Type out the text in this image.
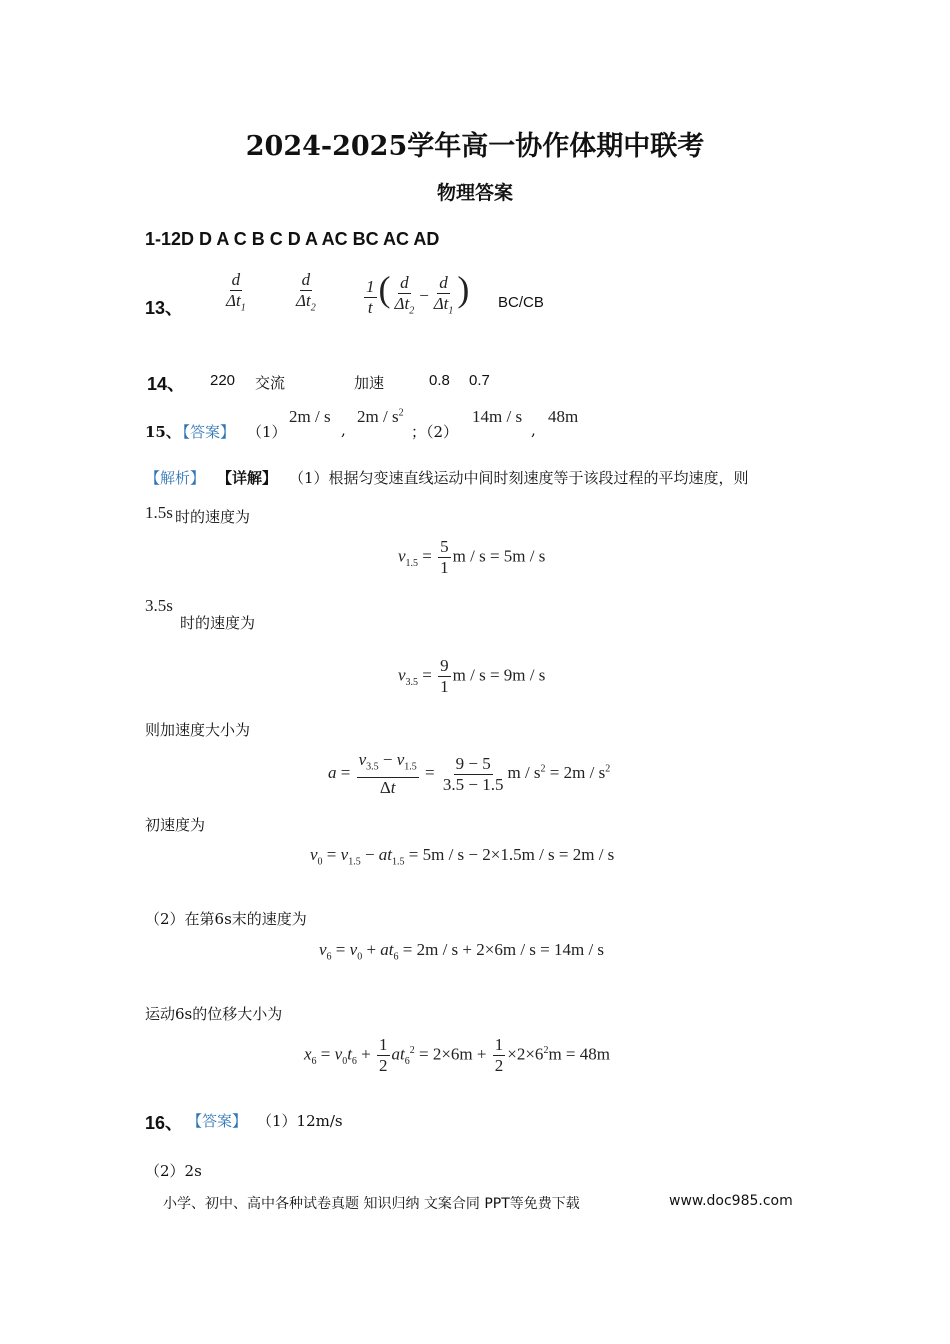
2024-2025学年高一协作体期中联考
物理答案
1-12D D A C B C D A AC BC AC AD
13、 $\frac{d}{\Delta t_1}$	$\frac{d}{\Delta t_2}$	$\frac{1}{t}$ ( $\frac{d}{\Delta t_2} - \frac{d}{\Delta t_1}$ ) BC/CB
14、 220 交流	加速	0.8 0.7
15、
【答案】 （1）
2m / s
,
$2m / s^2$
；（2）
14m / s
,
48m
【解析】 【详解】 （1）根据匀变速直线运动中间时刻速度等于该段过程的平均速度，则
1.5s 时的速度为
$v_{1.5} = \frac{5}{1}$ m / s = 5m / s
3.5s
时的速度为
$v_{3.5} = \frac{9}{1}$ m / s = 9m / s
则加速度大小为
$a = \frac{v_{3.5} - v_{1.5}}{\Delta t} = \frac{9 - 5}{3.5 - 1.5}$ $m / s^2 = 2m / s^2$
初速度为
$v_0 = v_{1.5} - at_{1.5} = 5m / s - 2\times 1.5m / s = 2m / s$
（2）在第6s末的速度为
$v_6 = v_0 + at_6 = 2m / s + 2\times 6m / s = 14m / s$
运动6s的位移大小为
$x_6 = v_0t_6 + \frac{1}{2} at_6^2 = 2\times 6m + \frac{1}{2} \times 2\times 6^2m = 48m$
16、 【答案】 （1）12m/s
（2）2s
小学、初中、高中各种试卷真题 知识归纳 文案合同 PPT等免费下载	www.doc985.com
